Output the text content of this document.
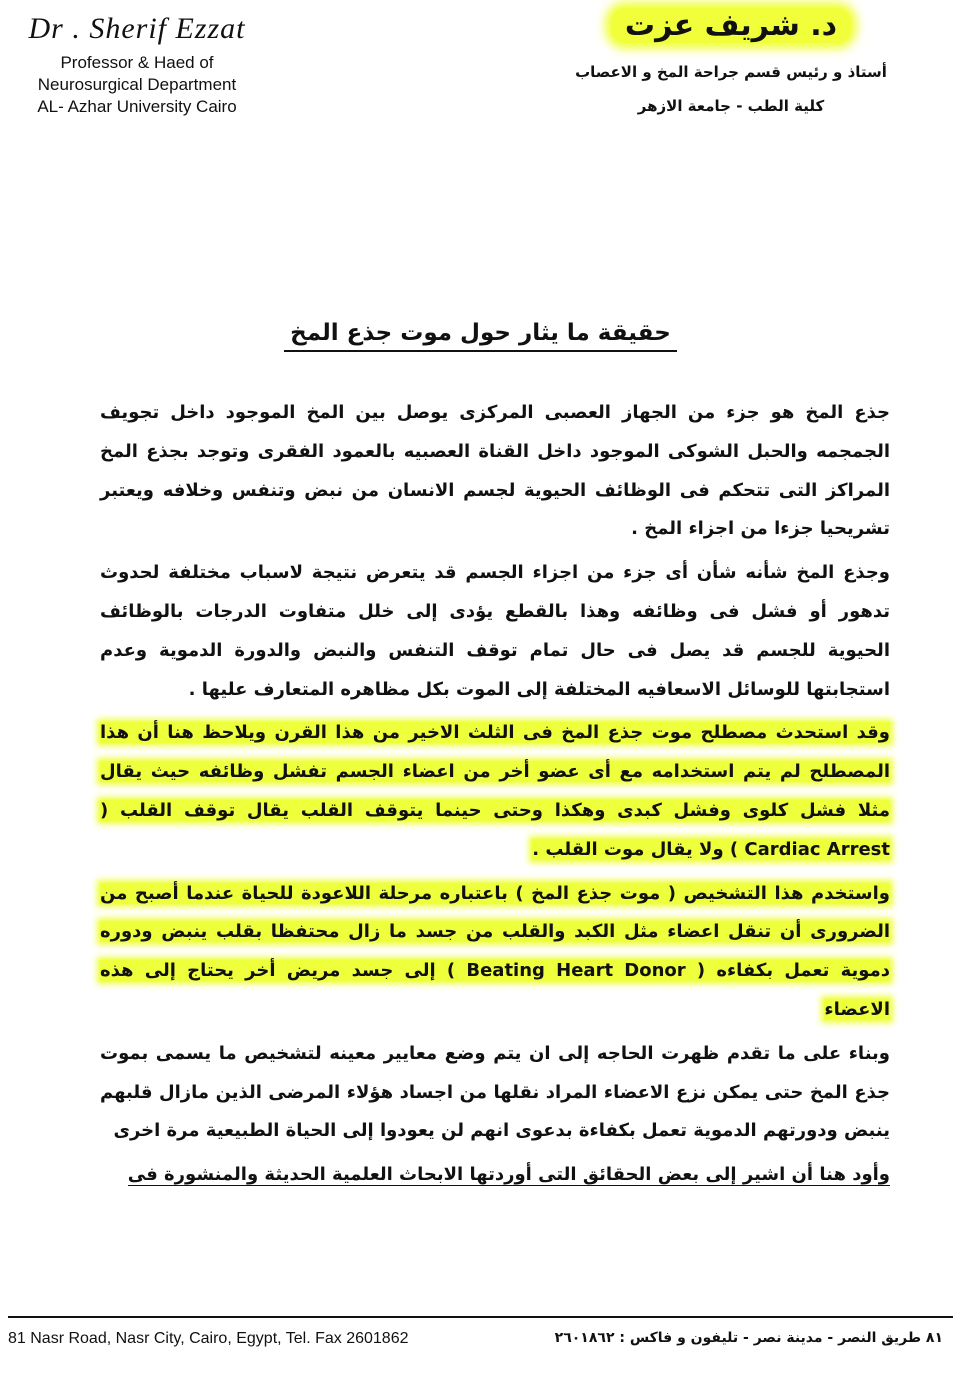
Dr . Sherif Ezzat
Professor & Haed of
Neurosurgical Department
AL- Azhar University Cairo
د. شريف عزت
أستاذ و رئيس قسم جراحة المخ و الاعصاب
كلية الطب - جامعة الازهر
حقيقة ما يثار حول موت جذع المخ

جذع المخ هو جزء من الجهاز العصبى المركزى يوصل بين المخ الموجود داخل تجويف الجمجمه والحبل الشوكى الموجود داخل القناة العصبيه بالعمود الفقرى وتوجد بجذع المخ المراكز التى تتحكم فى الوظائف الحيوية لجسم الانسان من نبض وتنفس وخلافه ويعتبر تشريحيا جزءا من اجزاء المخ .

وجذع المخ شأنه شأن أى جزء من اجزاء الجسم قد يتعرض نتيجة لاسباب مختلفة لحدوث تدهور أو فشل فى وظائفه وهذا بالقطع يؤدى إلى خلل متفاوت الدرجات بالوظائف الحيوية للجسم قد يصل فى حال تمام توقف التنفس والنبض والدورة الدموية وعدم استجابتها للوسائل الاسعافيه المختلفة إلى الموت بكل مظاهره المتعارف عليها .

وقد استحدث مصطلح موت جذع المخ فى الثلث الاخير من هذا القرن ويلاحظ هنا أن هذا المصطلح لم يتم استخدامه مع أى عضو أخر من اعضاء الجسم تفشل وظائفه حيث يقال مثلا فشل كلوى وفشل كبدى وهكذا وحتى حينما يتوقف القلب يقال توقف القلب ( Cardiac Arrest ) ولا يقال موت القلب .

واستخدم هذا التشخيص ( موت جذع المخ ) باعتباره مرحلة اللاعودة للحياة عندما أصبح من الضرورى أن تنقل اعضاء مثل الكبد والقلب من جسد ما زال محتفظا بقلب ينبض ودوره دموية تعمل بكفاءه ( Beating Heart Donor ) إلى جسد مريض أخر يحتاج إلى هذه الاعضاء

وبناء على ما تقدم ظهرت الحاجه إلى ان يتم وضع معايير معينه لتشخيص ما يسمى بموت جذع المخ حتى يمكن نزع الاعضاء المراد نقلها من اجساد هؤلاء المرضى الذين مازال قلبهم ينبض ودورتهم الدموية تعمل بكفاءة بدعوى انهم لن يعودوا إلى الحياة الطبيعية مرة اخرى

وأود هنا أن اشير إلى بعض الحقائق التى أوردتها الابحاث العلمية الحديثة والمنشورة فى

81 Nasr Road, Nasr City, Cairo, Egypt, Tel. Fax 2601862	٨١ طريق النصر - مدينة نصر - تليفون و فاكس : ٢٦٠١٨٦٢
